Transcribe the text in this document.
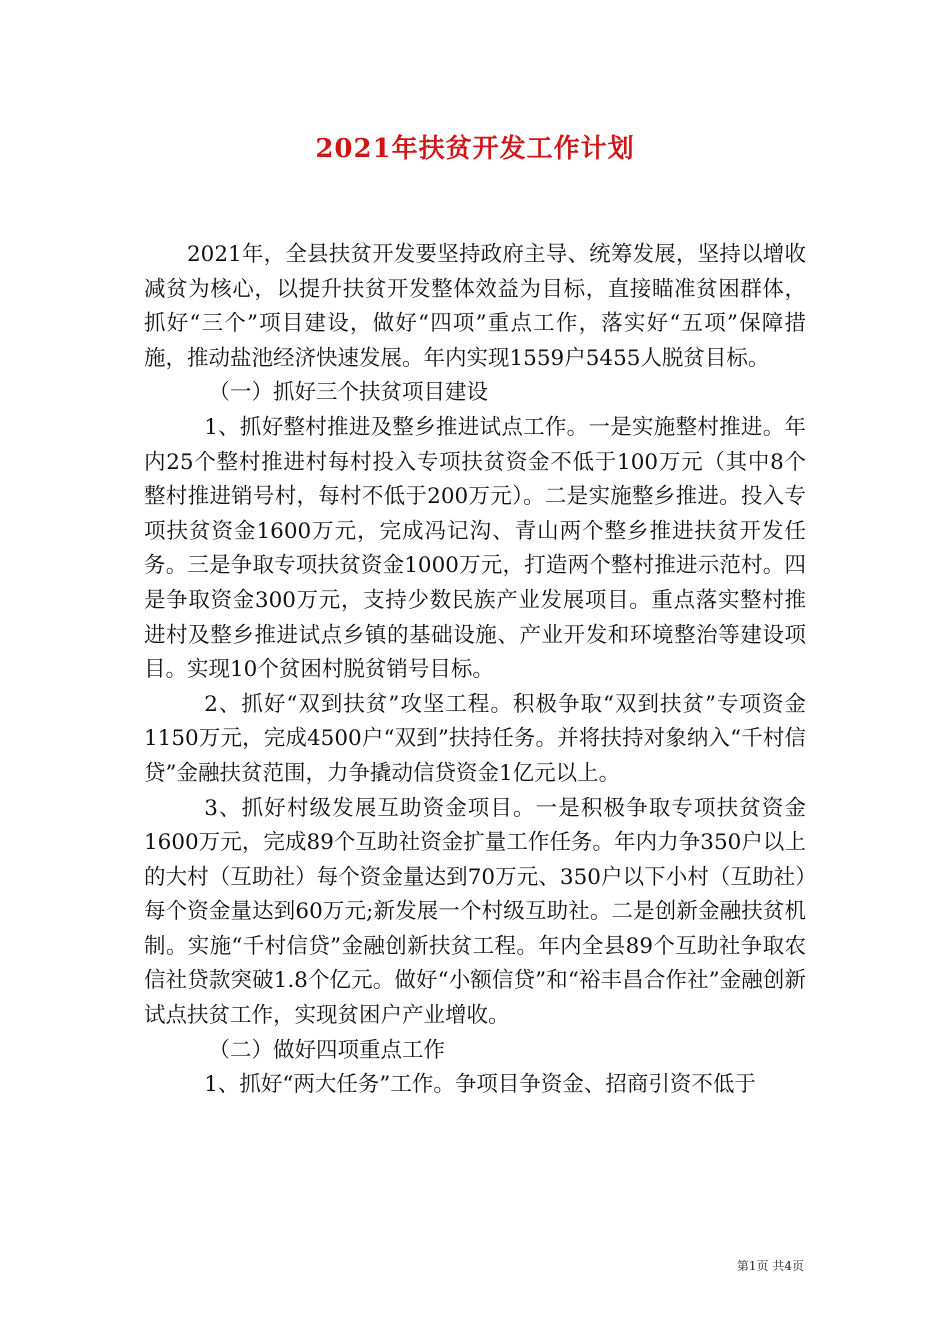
2021年扶贫开发工作计划

2021年，全县扶贫开发要坚持政府主导、统筹发展，坚持以增收减贫为核心，以提升扶贫开发整体效益为目标，直接瞄准贫困群体，抓好“三个”项目建设，做好“四项”重点工作，落实好“五项”保障措施，推动盐池经济快速发展。年内实现1559户5455人脱贫目标。

（一）抓好三个扶贫项目建设

1、抓好整村推进及整乡推进试点工作。一是实施整村推进。年内25个整村推进村每村投入专项扶贫资金不低于100万元（其中8个整村推进销号村，每村不低于200万元）。二是实施整乡推进。投入专项扶贫资金1600万元，完成冯记沟、青山两个整乡推进扶贫开发任务。三是争取专项扶贫资金1000万元，打造两个整村推进示范村。四是争取资金300万元，支持少数民族产业发展项目。重点落实整村推进村及整乡推进试点乡镇的基础设施、产业开发和环境整治等建设项目。实现10个贫困村脱贫销号目标。

2、抓好“双到扶贫”攻坚工程。积极争取“双到扶贫”专项资金1150万元，完成4500户“双到”扶持任务。并将扶持对象纳入“千村信贷”金融扶贫范围，力争撬动信贷资金1亿元以上。

3、抓好村级发展互助资金项目。一是积极争取专项扶贫资金1600万元，完成89个互助社资金扩量工作任务。年内力争350户以上的大村（互助社）每个资金量达到70万元、350户以下小村（互助社）每个资金量达到60万元;新发展一个村级互助社。二是创新金融扶贫机制。实施“千村信贷”金融创新扶贫工程。年内全县89个互助社争取农信社贷款突破1.8个亿元。做好“小额信贷”和“裕丰昌合作社”金融创新试点扶贫工作，实现贫困户产业增收。

（二）做好四项重点工作

1、抓好“两大任务”工作。争项目争资金、招商引资不低于

第1页 共4页
